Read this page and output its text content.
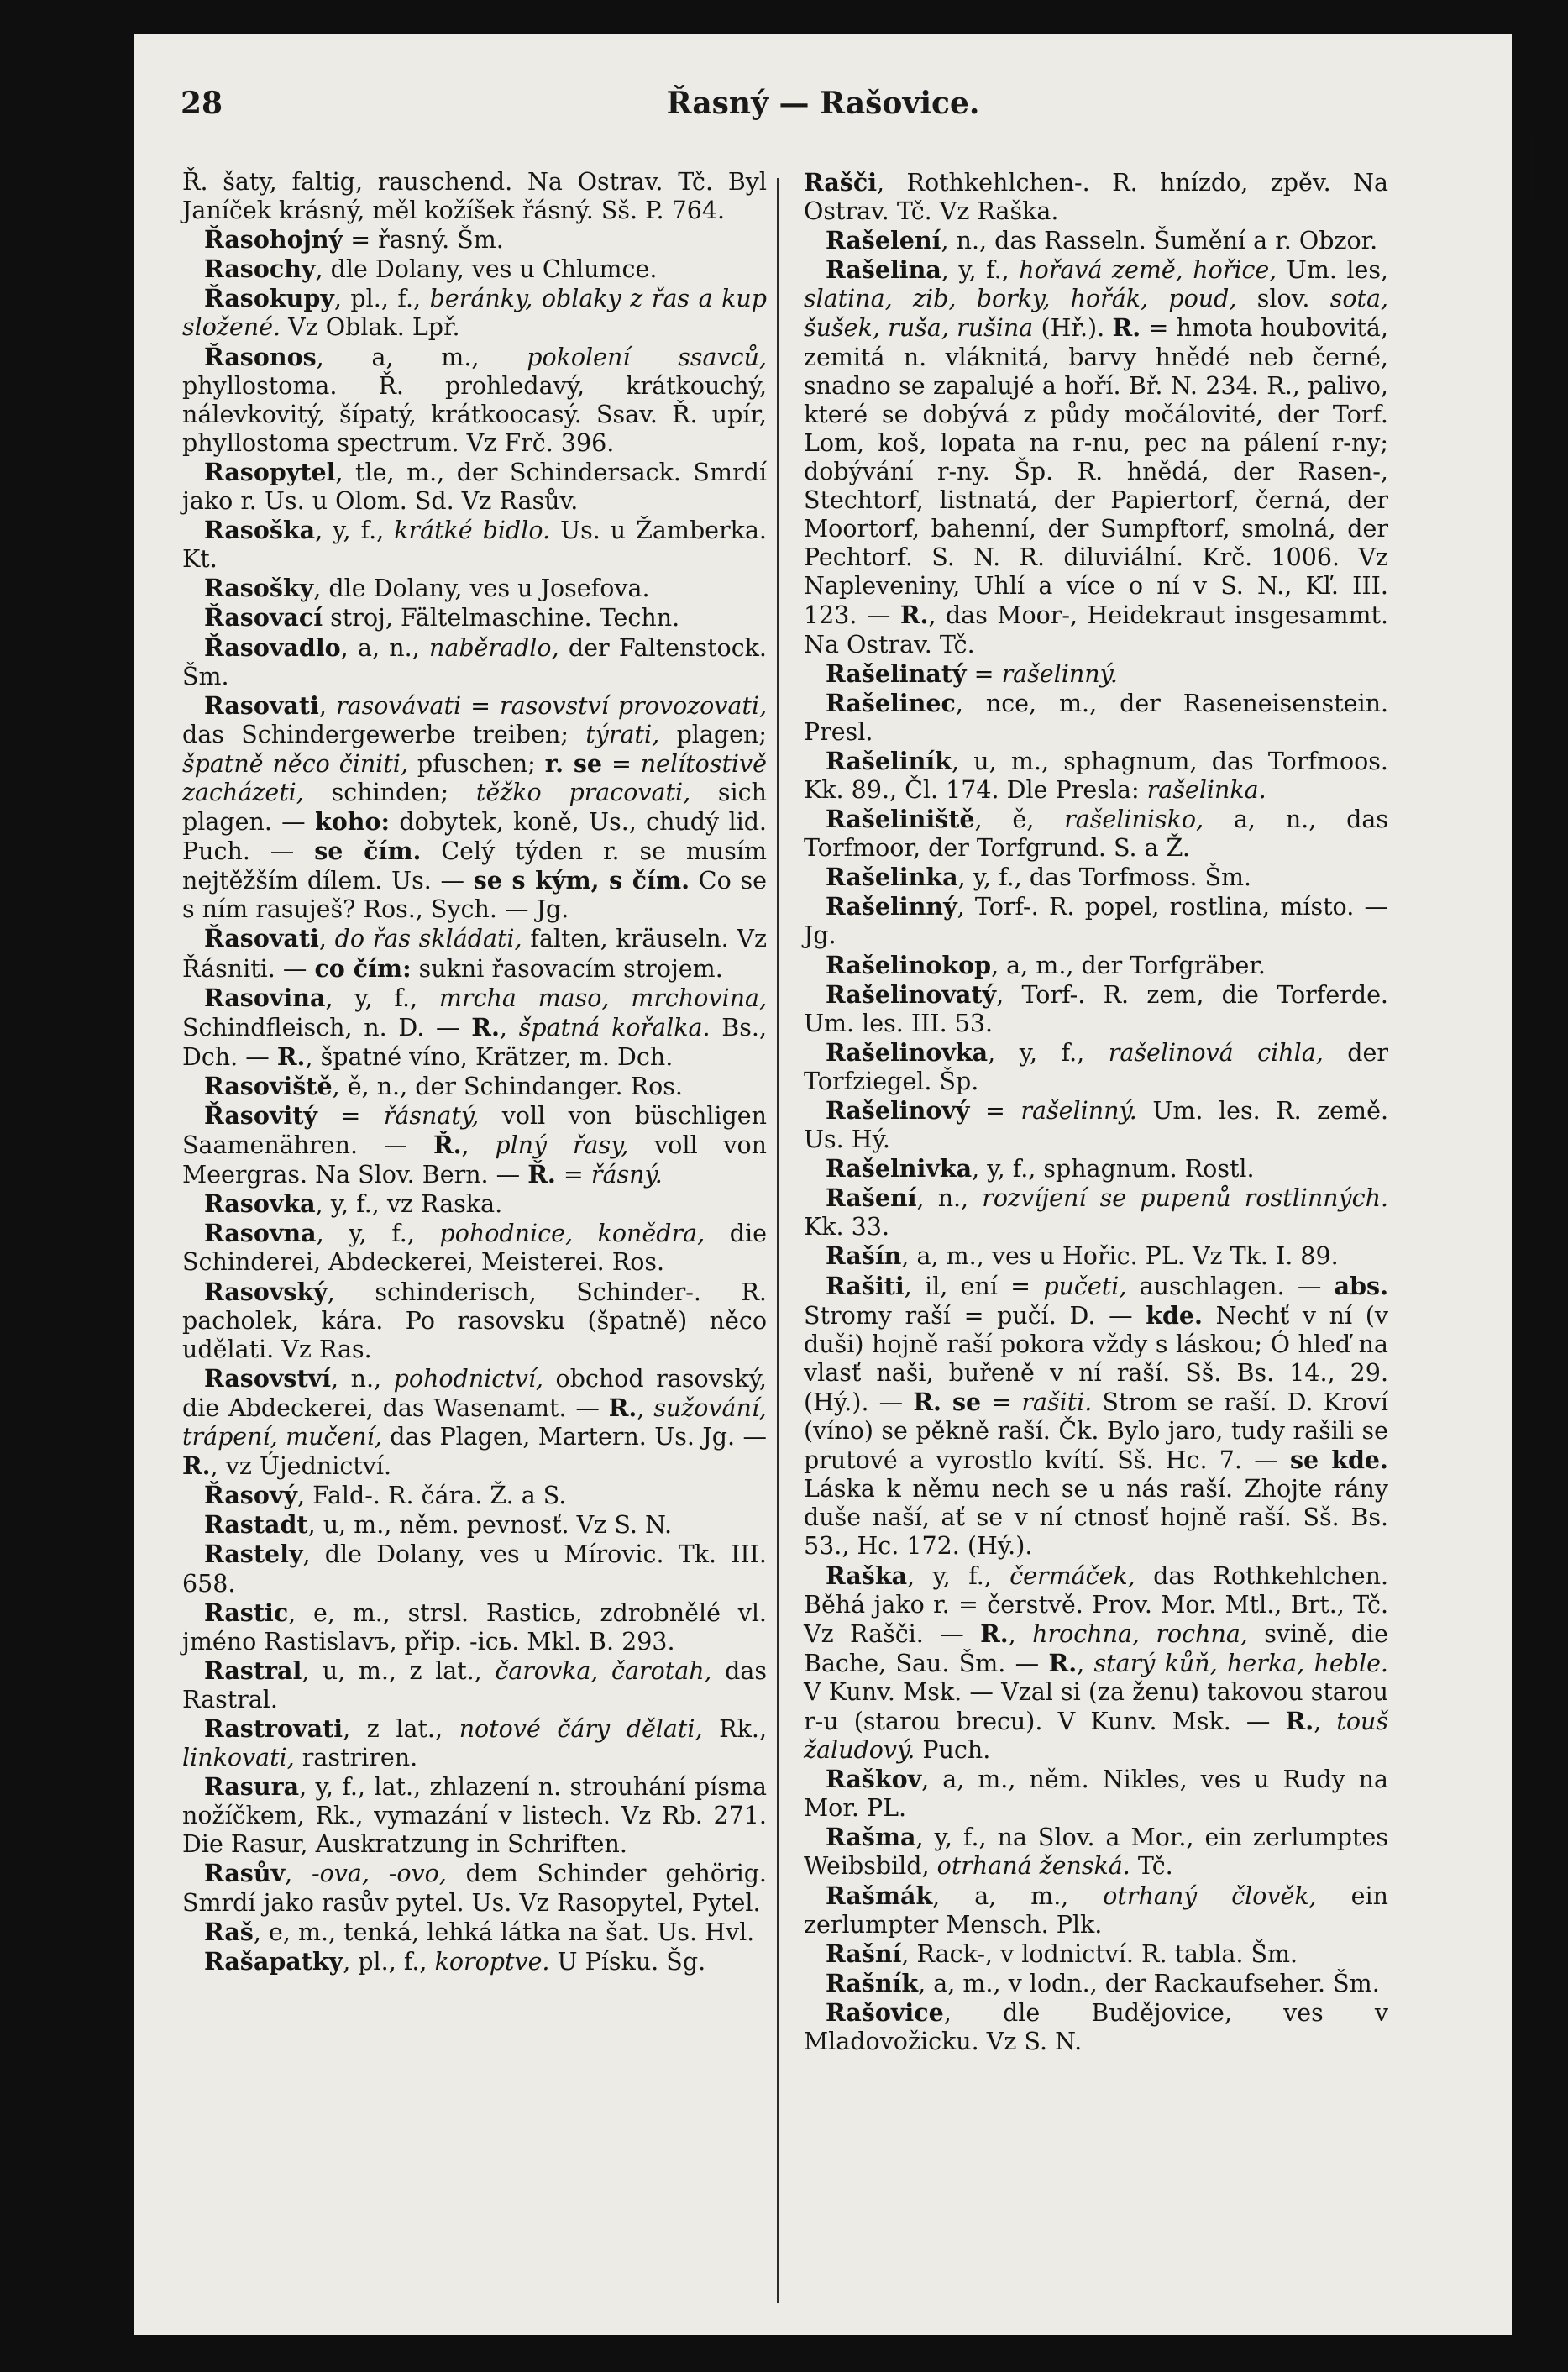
Řasný — Rašovice.
28

Ř. šaty, faltig, rauschend. Na Ostrav. Tč. Byl Janíček krásný, měl kožíšek řásný. Sš. P. 764.

Řasohojný = řasný. Šm.

Rasochy, dle Dolany, ves u Chlumce.

Řasokupy, pl., f., beránky, oblaky z řas a kup složené. Vz Oblak. Lpř.

Řasonos, a, m., pokolení ssavců, phyllostoma. Ř. prohledavý, krátkouchý, nálevkovitý, šípatý, krátkoocasý. Ssav. Ř. upír, phyllostoma spectrum. Vz Frč. 396.

Rasopytel, tle, m., der Schindersack. Smrdí jako r. Us. u Olom. Sd. Vz Rasův.

Rasoška, y, f., krátké bidlo. Us. u Žamberka. Kt.

Rasošky, dle Dolany, ves u Josefova.

Řasovací stroj, Fältelmaschine. Techn.

Řasovadlo, a, n., naběradlo, der Faltenstock. Šm.

Rasovati, rasovávati = rasovství provozovati, das Schindergewerbe treiben; týrati, plagen; špatně něco činiti, pfuschen; r. se = nelítostivě zacházeti, schinden; těžko pracovati, sich plagen. — koho: dobytek, koně, Us., chudý lid. Puch. — se čím. Celý týden r. se musím nejtěžším dílem. Us. — se s kým, s čím. Co se s ním rasuješ? Ros., Sych. — Jg.

Řasovati, do řas skládati, falten, kräuseln. Vz Řásniti. — co čím: sukni řasovacím strojem.

Rasovina, y, f., mrcha maso, mrchovina, Schindfleisch, n. D. — R., špatná kořalka. Bs., Dch. — R., špatné víno, Krätzer, m. Dch.

Rasoviště, ě, n., der Schindanger. Ros.

Řasovitý = řásnatý, voll von büschligen Saamenähren. — Ř., plný řasy, voll von Meergras. Na Slov. Bern. — Ř. = řásný.

Rasovka, y, f., vz Raska.

Rasovna, y, f., pohodnice, konědra, die Schinderei, Abdeckerei, Meisterei. Ros.

Rasovský, schinderisch, Schinder-. R. pacholek, kára. Po rasovsku (špatně) něco udělati. Vz Ras.

Rasovství, n., pohodnictví, obchod rasovský, die Abdeckerei, das Wasenamt. — R., sužování, trápení, mučení, das Plagen, Martern. Us. Jg. — R., vz Újednictví.

Řasový, Fald-. R. čára. Ž. a S.

Rastadt, u, m., něm. pevnosť. Vz S. N.

Rastely, dle Dolany, ves u Mírovic. Tk. III. 658.

Rastic, e, m., strsl. Rasticь, zdrobnělé vl. jméno Rastislavъ, přip. -icь. Mkl. B. 293.

Rastral, u, m., z lat., čarovka, čarotah, das Rastral.

Rastrovati, z lat., notové čáry dělati, Rk., linkovati, rastriren.

Rasura, y, f., lat., zhlazení n. strouhání písma nožíčkem, Rk., vymazání v listech. Vz Rb. 271. Die Rasur, Auskratzung in Schriften.

Rasův, -ova, -ovo, dem Schinder gehörig. Smrdí jako rasův pytel. Us. Vz Rasopytel, Pytel.

Raš, e, m., tenká, lehká látka na šat. Us. Hvl.

Rašapatky, pl., f., koroptve. U Písku. Šg.

Rašči, Rothkehlchen-. R. hnízdo, zpěv. Na Ostrav. Tč. Vz Raška.

Rašelení, n., das Rasseln. Šumění a r. Obzor.

Rašelina, y, f., hořavá země, hořice, Um. les, slatina, zib, borky, hořák, poud, slov. sota, šušek, ruša, rušina (Hř.). R. = hmota houbovitá, zemitá n. vláknitá, barvy hnědé neb černé, snadno se zapalujé a hoří. Bř. N. 234. R., palivo, které se dobývá z půdy močálovité, der Torf. Lom, koš, lopata na r-nu, pec na pálení r-ny; dobývání r-ny. Šp. R. hnědá, der Rasen-, Stechtorf, listnatá, der Papiertorf, černá, der Moortorf, bahenní, der Sumpftorf, smolná, der Pechtorf. S. N. R. diluviální. Krč. 1006. Vz Napleveniny, Uhlí a více o ní v S. N., Kľ. III. 123. — R., das Moor-, Heidekraut insgesammt. Na Ostrav. Tč.

Rašelinatý = rašelinný.

Rašelinec, nce, m., der Raseneisenstein. Presl.

Rašeliník, u, m., sphagnum, das Torfmoos. Kk. 89., Čl. 174. Dle Presla: rašelinka.

Rašeliniště, ě, rašelinisko, a, n., das Torfmoor, der Torfgrund. S. a Ž.

Rašelinka, y, f., das Torfmoss. Šm.

Rašelinný, Torf-. R. popel, rostlina, místo. — Jg.

Rašelinokop, a, m., der Torfgräber.

Rašelinovatý, Torf-. R. zem, die Torferde. Um. les. III. 53.

Rašelinovka, y, f., rašelinová cihla, der Torfziegel. Šp.

Rašelinový = rašelinný. Um. les. R. země. Us. Hý.

Rašelnivka, y, f., sphagnum. Rostl.

Rašení, n., rozvíjení se pupenů rostlinných. Kk. 33.

Rašín, a, m., ves u Hořic. PL. Vz Tk. I. 89.

Rašiti, il, ení = pučeti, auschlagen. — abs. Stromy raší = pučí. D. — kde. Nechť v ní (v duši) hojně raší pokora vždy s láskou; Ó hleď na vlasť naši, buřeně v ní raší. Sš. Bs. 14., 29. (Hý.). — R. se = rašiti. Strom se raší. D. Kroví (víno) se pěkně raší. Čk. Bylo jaro, tudy rašili se prutové a vyrostlo kvítí. Sš. Hc. 7. — se kde. Láska k němu nech se u nás raší. Zhojte rány duše naší, ať se v ní ctnosť hojně raší. Sš. Bs. 53., Hc. 172. (Hý.).

Raška, y, f., čermáček, das Rothkehlchen. Běhá jako r. = čerstvě. Prov. Mor. Mtl., Brt., Tč. Vz Rašči. — R., hrochna, rochna, svině, die Bache, Sau. Šm. — R., starý kůň, herka, heble. V Kunv. Msk. — Vzal si (za ženu) takovou starou r-u (starou brecu). V Kunv. Msk. — R., touš žaludový. Puch.

Raškov, a, m., něm. Nikles, ves u Rudy na Mor. PL.

Rašma, y, f., na Slov. a Mor., ein zerlumptes Weibsbild, otrhaná ženská. Tč.

Rašmák, a, m., otrhaný člověk, ein zerlumpter Mensch. Plk.

Rašní, Rack-, v lodnictví. R. tabla. Šm.

Rašník, a, m., v lodn., der Rackaufseher. Šm.

Rašovice, dle Budějovice, ves v Mladovožicku. Vz S. N.
